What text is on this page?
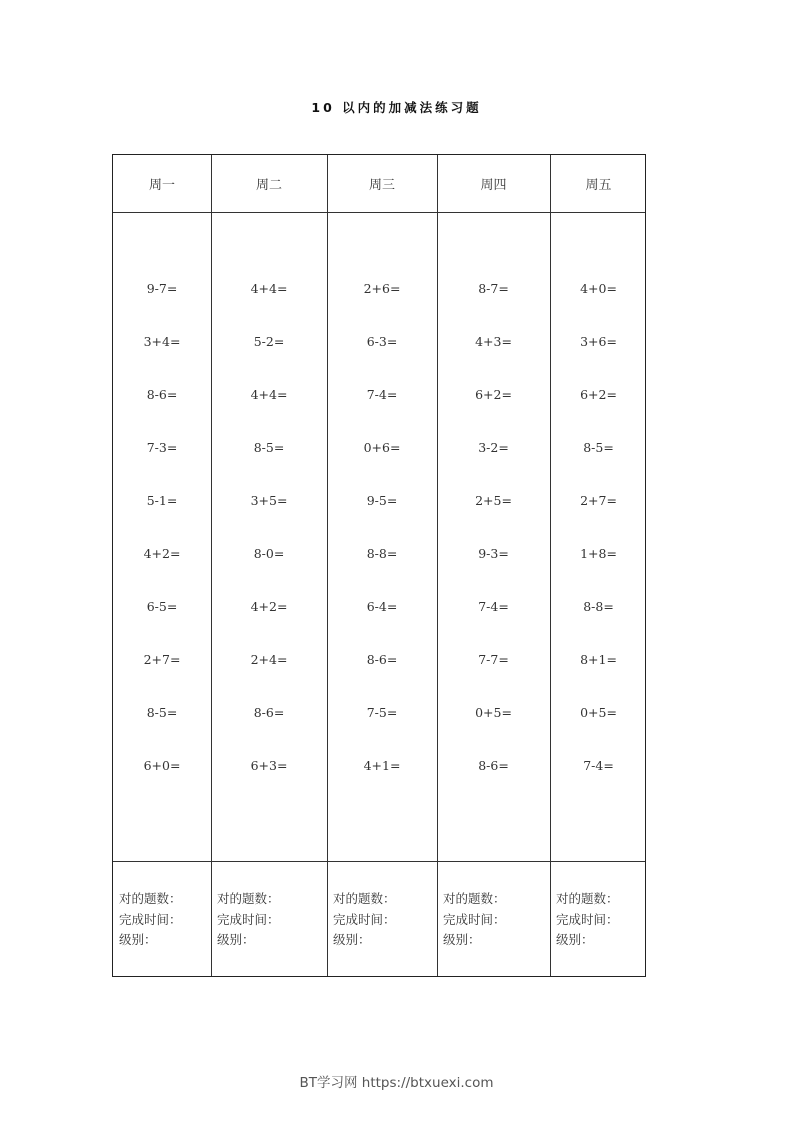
10 以内的加减法练习题
周一
9-7=
3+4=
8-6=
7-3=
5-1=
4+2=
6-5=
2+7=
8-5=
6+0=
对的题数：
完成时间：
级别：
周二
4+4=
5-2=
4+4=
8-5=
3+5=
8-0=
4+2=
2+4=
8-6=
6+3=
对的题数：
完成时间：
级别：
周三
2+6=
6-3=
7-4=
0+6=
9-5=
8-8=
6-4=
8-6=
7-5=
4+1=
对的题数：
完成时间：
级别：
周四
8-7=
4+3=
6+2=
3-2=
2+5=
9-3=
7-4=
7-7=
0+5=
8-6=
对的题数：
完成时间：
级别：
周五
4+0=
3+6=
6+2=
8-5=
2+7=
1+8=
8-8=
8+1=
0+5=
7-4=
对的题数：
完成时间：
级别：
BT学习网 https://btxuexi.com
